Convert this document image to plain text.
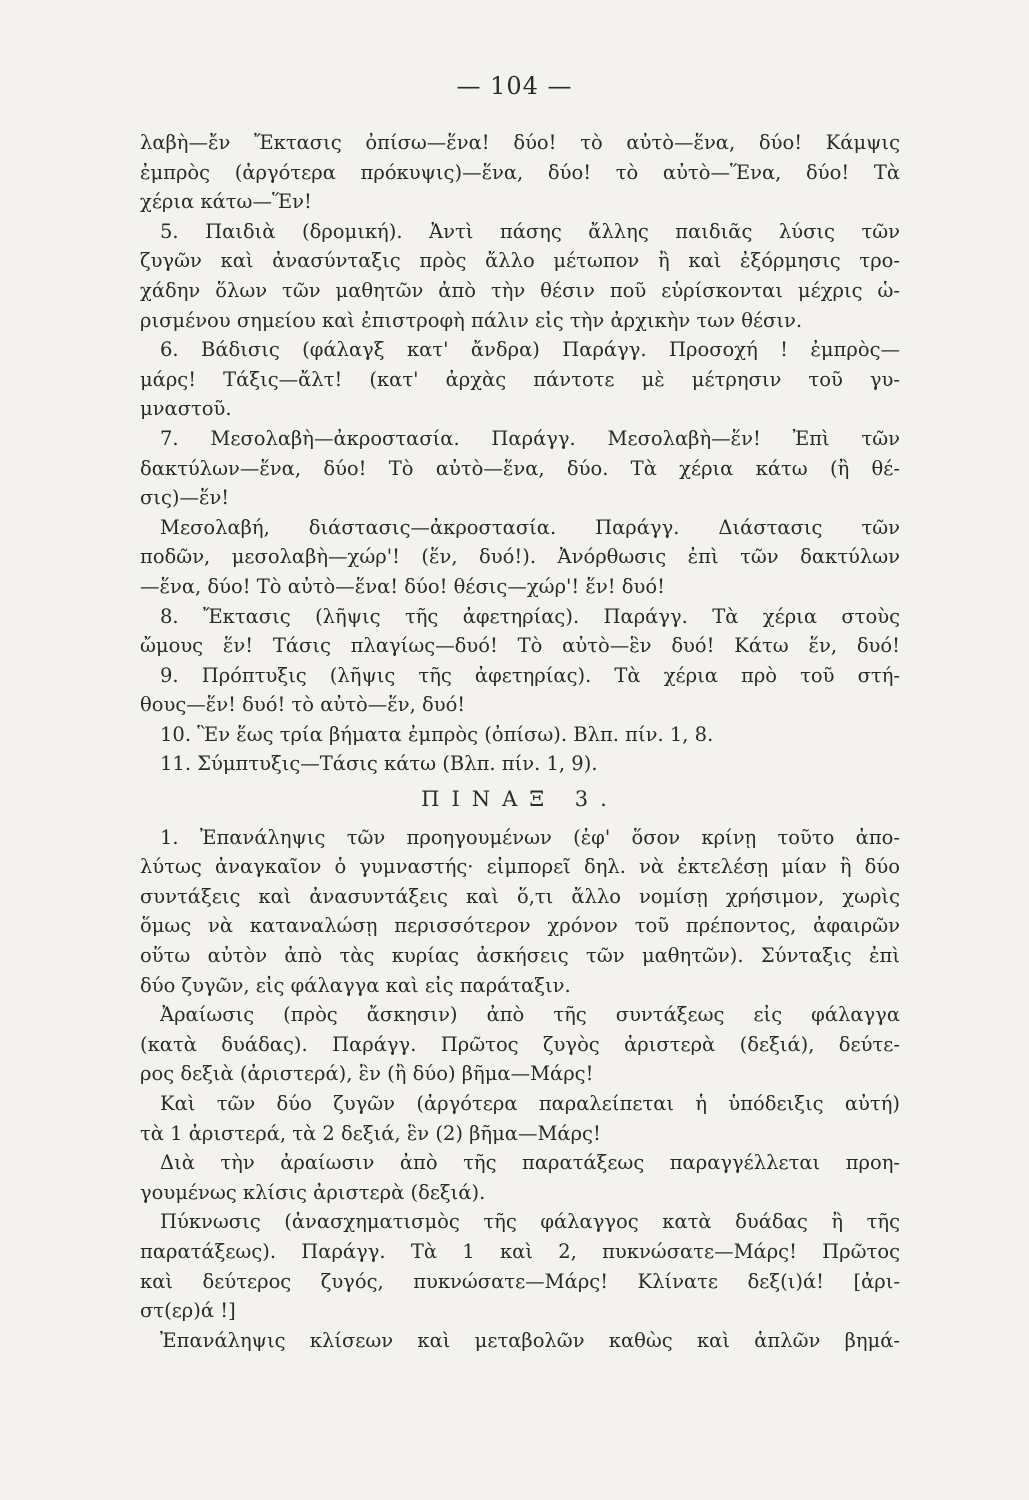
— 104 —
λαβὴ—ἔν Ἔκτασις ὀπίσω—ἕνα! δύο! τὸ αὐτὸ—ἕνα, δύο! Κάμψις
ἐμπρὸς (ἀργότερα πρόκυψις)—ἕνα, δύο! τὸ αὐτὸ—Ἕνα, δύο! Τὰ
χέρια κάτω—Ἕν!
5. Παιδιὰ (δρομική). Ἀντὶ πάσης ἄλλης παιδιᾶς λύσις τῶν
ζυγῶν καὶ ἀνασύνταξις πρὸς ἄλλο μέτωπον ἢ καὶ ἐξόρμησις τρο-
χάδην ὅλων τῶν μαθητῶν ἀπὸ τὴν θέσιν ποῦ εὑρίσκονται μέχρις ὡ-
ρισμένου σημείου καὶ ἐπιστροφὴ πάλιν εἰς τὴν ἀρχικὴν των θέσιν.
6. Βάδισις (φάλαγξ κατ' ἄνδρα) Παράγγ. Προσοχή ! ἐμπρὸς—
μάρς! Τάξις—ἄλτ! (κατ' ἀρχὰς πάντοτε μὲ μέτρησιν τοῦ γυ-
μναστοῦ.
7. Μεσολαβὴ—ἀκροστασία. Παράγγ. Μεσολαβὴ—ἕν! Ἐπὶ τῶν
δακτύλων—ἕνα, δύο! Τὸ αὐτὸ—ἕνα, δύο. Τὰ χέρια κάτω (ἢ θέ-
σις)—ἕν!
Μεσολαβή, διάστασις—ἀκροστασία. Παράγγ. Διάστασις τῶν
ποδῶν, μεσολαβὴ—χώρ'! (ἕν, δυό!). Ἀνόρθωσις ἐπὶ τῶν δακτύλων
—ἕνα, δύο! Τὸ αὐτὸ—ἕνα! δύο! θέσις—χώρ'! ἕν! δυό!
8. Ἔκτασις (λῆψις τῆς ἀφετηρίας). Παράγγ. Τὰ χέρια στοὺς
ὤμους ἕν! Τάσις πλαγίως—δυό! Τὸ αὐτὸ—ἓν δυό! Κάτω ἕν, δυό!
9. Πρόπτυξις (λῆψις τῆς ἀφετηρίας). Τὰ χέρια πρὸ τοῦ στή-
θους—ἕν! δυό! τὸ αὐτὸ—ἕν, δυό!
10. Ἓν ἕως τρία βήματα ἐμπρὸς (ὀπίσω). Βλπ. πίν. 1, 8.
11. Σύμπτυξις—Τάσις κάτω (Βλπ. πίν. 1, 9).
ΠΙΝΑΞ 3.
1. Ἐπανάληψις τῶν προηγουμένων (ἐφ' ὅσον κρίνῃ τοῦτο ἀπο-
λύτως ἀναγκαῖον ὁ γυμναστής· εἰμπορεῖ δηλ. νὰ ἐκτελέσῃ μίαν ἢ δύο
συντάξεις καὶ ἀνασυντάξεις καὶ ὅ,τι ἄλλο νομίσῃ χρήσιμον, χωρὶς
ὅμως νὰ καταναλώσῃ περισσότερον χρόνον τοῦ πρέποντος, ἀφαιρῶν
οὕτω αὐτὸν ἀπὸ τὰς κυρίας ἀσκήσεις τῶν μαθητῶν). Σύνταξις ἐπὶ
δύο ζυγῶν, εἰς φάλαγγα καὶ εἰς παράταξιν.
Ἀραίωσις (πρὸς ἄσκησιν) ἀπὸ τῆς συντάξεως εἰς φάλαγγα
(κατὰ δυάδας). Παράγγ. Πρῶτος ζυγὸς ἀριστερὰ (δεξιά), δεύτε-
ρος δεξιὰ (ἀριστερά), ἓν (ἢ δύο) βῆμα—Μάρς!
Καὶ τῶν δύο ζυγῶν (ἀργότερα παραλείπεται ἡ ὑπόδειξις αὐτή)
τὰ 1 ἀριστερά, τὰ 2 δεξιά, ἓν (2) βῆμα—Μάρς!
Διὰ τὴν ἀραίωσιν ἀπὸ τῆς παρατάξεως παραγγέλλεται προη-
γουμένως κλίσις ἀριστερὰ (δεξιά).
Πύκνωσις (ἀνασχηματισμὸς τῆς φάλαγγος κατὰ δυάδας ἢ τῆς
παρατάξεως). Παράγγ. Τὰ 1 καὶ 2, πυκνώσατε—Μάρς! Πρῶτος
καὶ δεύτερος ζυγός, πυκνώσατε—Μάρς! Κλίνατε δεξ(ι)ά! [ἀρι-
στ(ερ)ά !]
Ἐπανάληψις κλίσεων καὶ μεταβολῶν καθὼς καὶ ἁπλῶν βημά-
